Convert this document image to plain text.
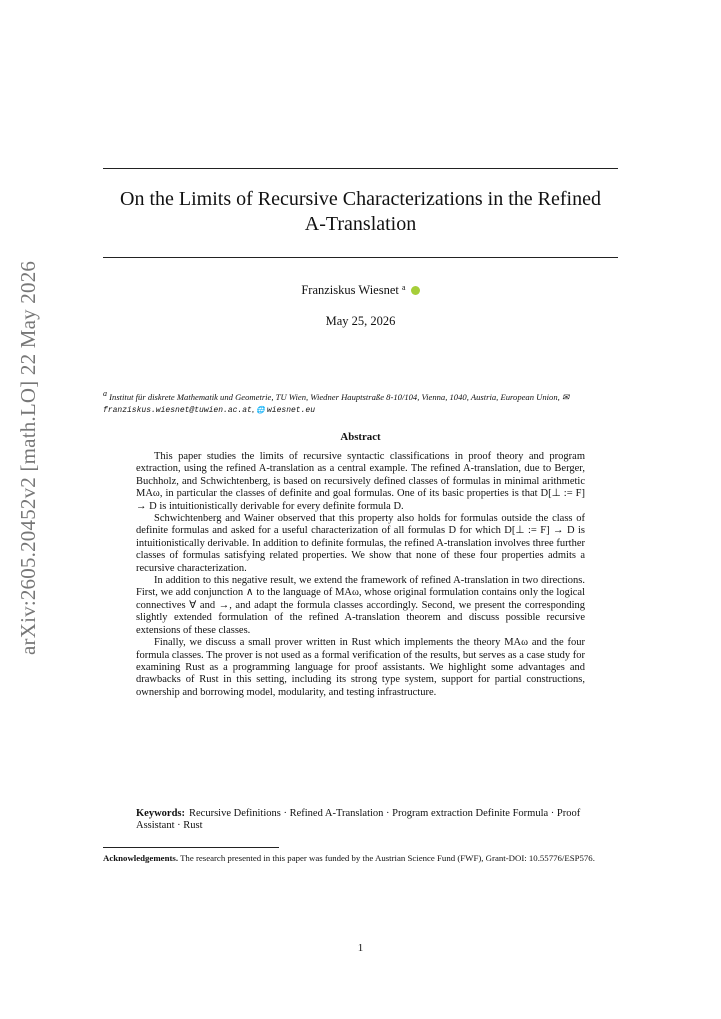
arXiv:2605.20452v2 [math.LO] 22 May 2026
On the Limits of Recursive Characterizations in the Refined
A-Translation
Franziskus Wiesnet $^a$
May 25, 2026
a Institut für diskrete Mathematik und Geometrie, TU Wien, Wiedner Hauptstraße 8-10/104, Vienna, 1040, Austria, European Union, ✉ franziskus.wiesnet@tuwien.ac.at, 🌐 wiesnet.eu
Abstract

This paper studies the limits of recursive syntactic classifications in proof theory and program extraction, using the refined A-translation as a central example. The refined A-translation, due to Berger, Buchholz, and Schwichtenberg, is based on recursively defined classes of formulas in minimal arithmetic MAω, in particular the classes of definite and goal formulas. One of its basic properties is that D[⊥ := F] → D is intuitionistically derivable for every definite formula D.

Schwichtenberg and Wainer observed that this property also holds for formulas outside the class of definite formulas and asked for a useful characterization of all formulas D for which D[⊥ := F] → D is intuitionistically derivable. In addition to definite formulas, the refined A-translation involves three further classes of formulas satisfying related properties. We show that none of these four properties admits a recursive characterization.

In addition to this negative result, we extend the framework of refined A-translation in two directions. First, we add conjunction ∧ to the language of MAω, whose original formulation contains only the logical connectives ∀ and →, and adapt the formula classes accordingly. Second, we present the corresponding slightly extended formulation of the refined A-translation theorem and discuss possible recursive extensions of these classes.

Finally, we discuss a small prover written in Rust which implements the theory MAω and the four formula classes. The prover is not used as a formal verification of the results, but serves as a case study for examining Rust as a programming language for proof assistants. We highlight some advantages and drawbacks of Rust in this setting, including its strong type system, support for partial constructions, ownership and borrowing model, modularity, and testing infrastructure.

Keywords: Recursive Definitions · Refined A-Translation · Program extraction Definite Formula · Proof Assistant · Rust
Acknowledgements. The research presented in this paper was funded by the Austrian Science Fund (FWF), Grant-DOI: 10.55776/ESP576.
1
